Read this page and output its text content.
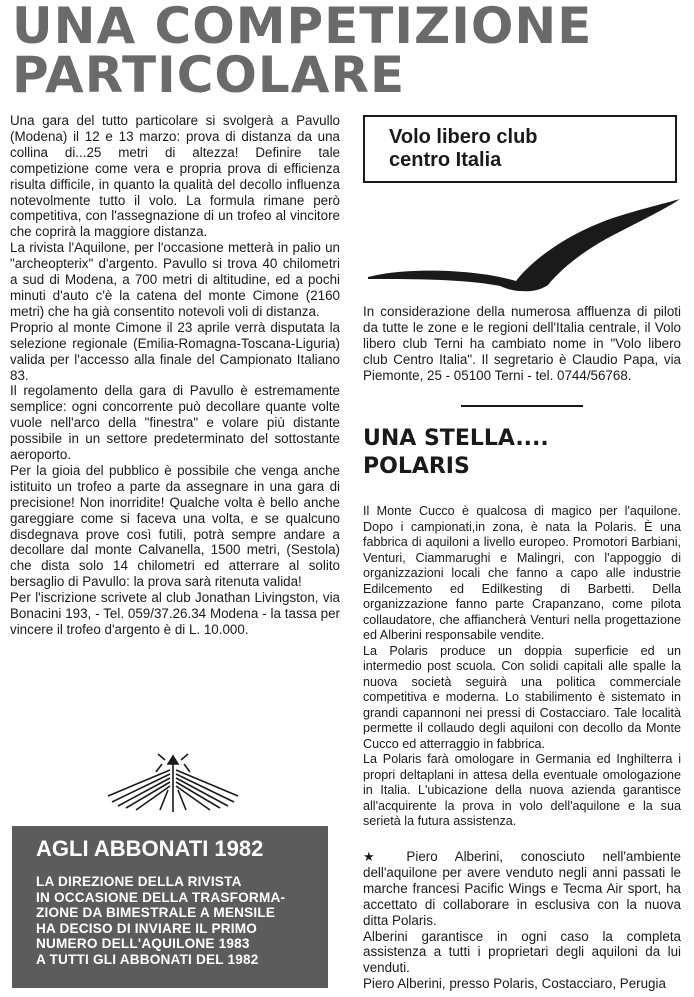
UNA COMPETIZIONE
PARTICOLARE

Una gara del tutto particolare si svolgerà a Pavullo (Modena) il 12 e 13 marzo: prova di distanza da una collina di...25 metri di altezza! Definire tale competizione come vera e propria prova di efficienza risulta difficile, in quanto la qualità del decollo influenza notevolmente tutto il volo. La formula rimane però competitiva, con l'assegnazione di un trofeo al vincitore che coprirà la maggiore distanza.

La rivista l'Aquilone, per l'occasione metterà in palio un "archeopterix" d'argento. Pavullo si trova 40 chilometri a sud di Modena, a 700 metri di altitudine, ed a pochi minuti d'auto c'è la catena del monte Cimone (2160 metri) che ha già consentito notevoli voli di distanza.

Proprio al monte Cimone il 23 aprile verrà disputata la selezione regionale (Emilia-Romagna-Toscana-Liguria) valida per l'accesso alla finale del Campionato Italiano 83.

Il regolamento della gara di Pavullo è estremamente semplice: ogni concorrente può decollare quante volte vuole nell'arco della "finestra" e volare più distante possibile in un settore predeterminato del sottostante aeroporto.

Per la gioia del pubblico è possibile che venga anche istituito un trofeo a parte da assegnare in una gara di precisione! Non inorridite! Qualche volta è bello anche gareggiare come si faceva una volta, e se qualcuno disdegnava prove così futili, potrà sempre andare a decollare dal monte Calvanella, 1500 metri, (Sestola) che dista solo 14 chilometri ed atterrare al solito bersaglio di Pavullo: la prova sarà ritenuta valida!

Per l'iscrizione scrivete al club Jonathan Livingston, via Bonacini 193, - Tel. 059/37.26.34 Modena - la tassa per vincere il trofeo d'argento è di L. 10.000.

Volo libero club
centro Italia

In considerazione della numerosa affluenza di piloti da tutte le zone e le regioni dell'Italia centrale, il Volo libero club Terni ha cambiato nome in "Volo libero club Centro Italia". Il segretario è Claudio Papa, via Piemonte, 25 - 05100 Terni - tel. 0744/56768.

UNA STELLA....
POLARIS

Il Monte Cucco è qualcosa di magico per l'aquilone. Dopo i campionati,in zona, è nata la Polaris. È una fabbrica di aquiloni a livello europeo. Promotori Barbiani, Venturi, Ciammarughi e Malingri, con l'appoggio di organizzazioni locali che fanno a capo alle industrie Edilcemento ed Edilkesting di Barbetti. Della organizzazione fanno parte Crapanzano, come pilota collaudatore, che affiancherà Venturi nella progettazione ed Alberini responsabile vendite.

La Polaris produce un doppia superficie ed un intermedio post scuola. Con solidi capitali alle spalle la nuova società seguirà una politica commerciale competitiva e moderna. Lo stabilimento è sistemato in grandi capannoni nei pressi di Costacciaro. Tale località permette il collaudo degli aquiloni con decollo da Monte Cucco ed atterraggio in fabbrica.

La Polaris farà omologare in Germania ed Inghilterra i propri deltaplani in attesa della eventuale omologazione in Italia. L'ubicazione della nuova azienda garantisce all'acquirente la prova in volo dell'aquilone e la sua serietà la futura assistenza.

★ Piero Alberini, conosciuto nell'ambiente dell'aquilone per avere venduto negli anni passati le marche francesi Pacific Wings e Tecma Air sport, ha accettato di collaborare in esclusiva con la nuova ditta Polaris.

Alberini garantisce in ogni caso la completa assistenza a tutti i proprietari degli aquiloni da lui venduti.

Piero Alberini, presso Polaris, Costacciaro, Perugia

AGLI ABBONATI 1982
LA DIREZIONE DELLA RIVISTA
IN OCCASIONE DELLA TRASFORMA-
ZIONE DA BIMESTRALE A MENSILE
HA DECISO DI INVIARE IL PRIMO
NUMERO DELL'AQUILONE 1983
A TUTTI GLI ABBONATI DEL 1982
